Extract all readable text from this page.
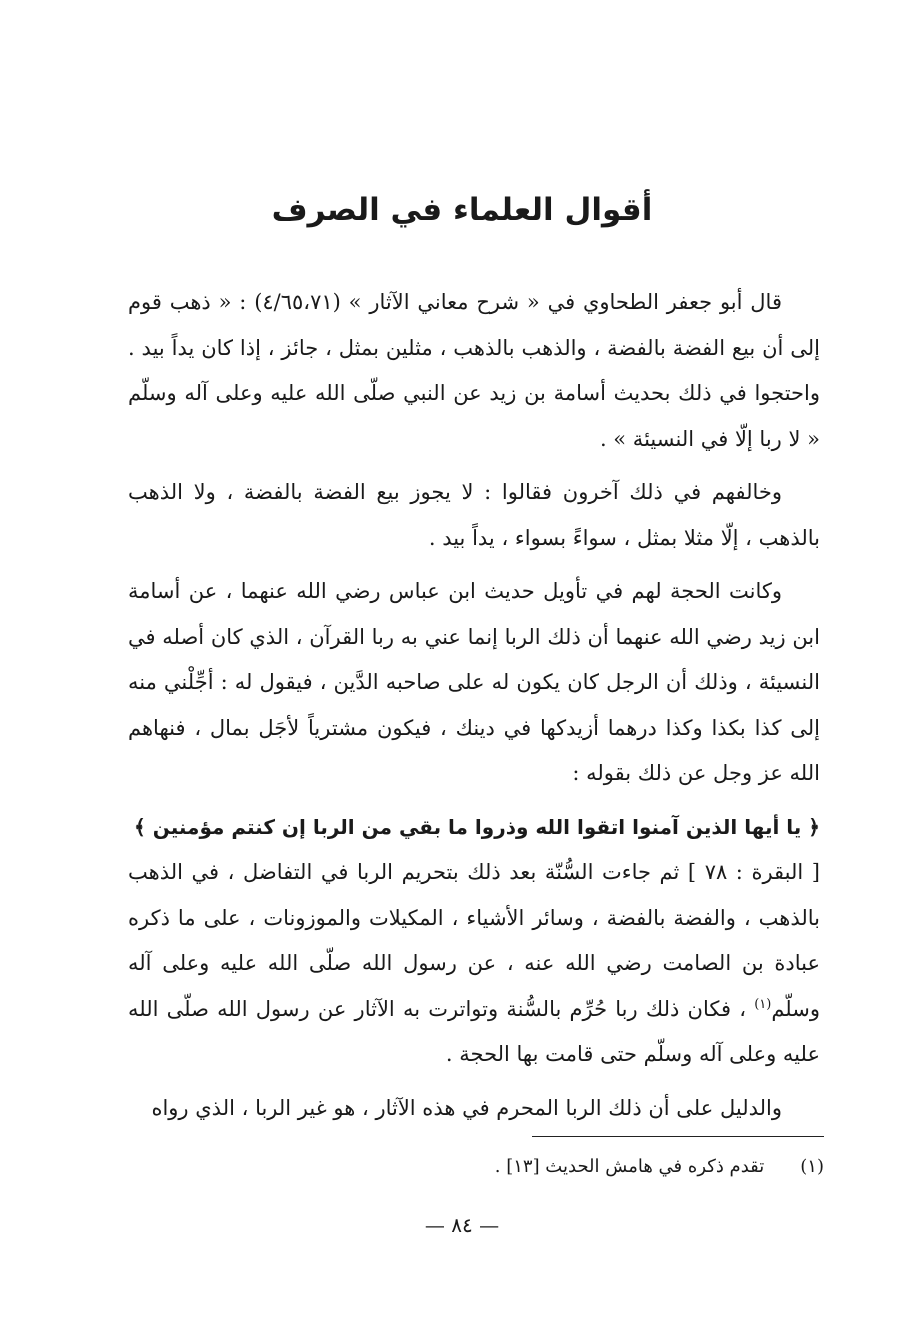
أقوال العلماء في الصرف

قال أبو جعفر الطحاوي في « شرح معاني الآثار » (٤/٦٥،٧١) : « ذهب قوم إلى أن بيع الفضة بالفضة ، والذهب بالذهب ، مثلين بمثل ، جائز ، إذا كان يداً بيد . واحتجوا في ذلك بحديث أسامة بن زيد عن النبي صلّى الله عليه وعلى آله وسلّم « لا ربا إلّا في النسيئة » .

وخالفهم في ذلك آخرون فقالوا : لا يجوز بيع الفضة بالفضة ، ولا الذهب بالذهب ، إلّا مثلا بمثل ، سواءً بسواء ، يداً بيد .

وكانت الحجة لهم في تأويل حديث ابن عباس رضي الله عنهما ، عن أسامة ابن زيد رضي الله عنهما أن ذلك الربا إنما عني به ربا القرآن ، الذي كان أصله في النسيئة ، وذلك أن الرجل كان يكون له على صاحبه الدَّين ، فيقول له : أجِّلْني منه إلى كذا بكذا وكذا درهما أزيدكها في دينك ، فيكون مشترياً لأجَل بمال ، فنهاهم الله عز وجل عن ذلك بقوله :

﴿ يا أيها الذين آمنوا اتقوا الله وذروا ما بقي من الربا إن كنتم مؤمنين ﴾

[ البقرة : ٧٨ ] ثم جاءت السُّنّة بعد ذلك بتحريم الربا في التفاضل ، في الذهب بالذهب ، والفضة بالفضة ، وسائر الأشياء ، المكيلات والموزونات ، على ما ذكره عبادة بن الصامت رضي الله عنه ، عن رسول الله صلّى الله عليه وعلى آله وسلّم$^{(١)}$ ، فكان ذلك ربا حُرِّم بالسُّنة وتواترت به الآثار عن رسول الله صلّى الله عليه وعلى آله وسلّم حتى قامت بها الحجة .

والدليل على أن ذلك الربا المحرم في هذه الآثار ، هو غير الربا ، الذي رواه

(١)تقدم ذكره في هامش الحديث [١٣] .
— ٨٤ —
